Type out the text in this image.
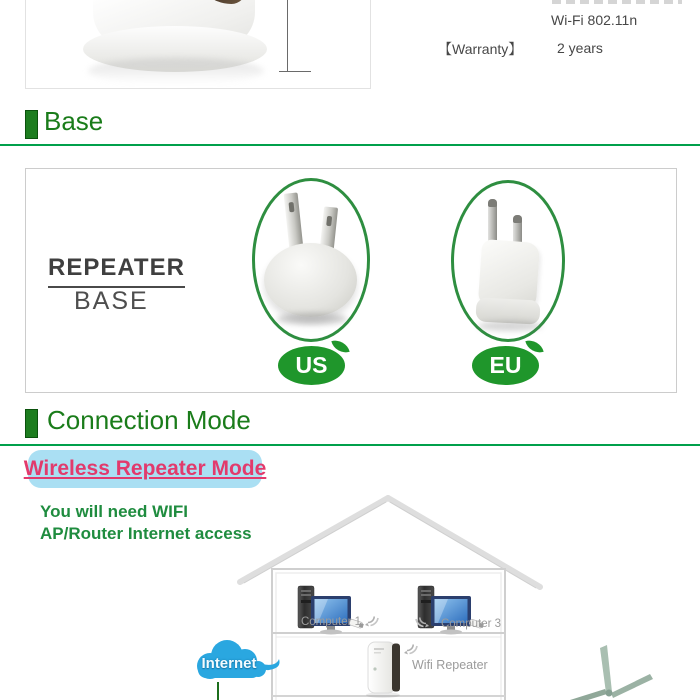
Wi-Fi 802.11n
【Warranty】 2 years
Base
REPEATER
BASE
US	EU
Connection Mode
Wireless Repeater Mode
You will need WIFI
AP/Router Internet access
Computer 1	Computer 3
Wifi Repeater
Internet
